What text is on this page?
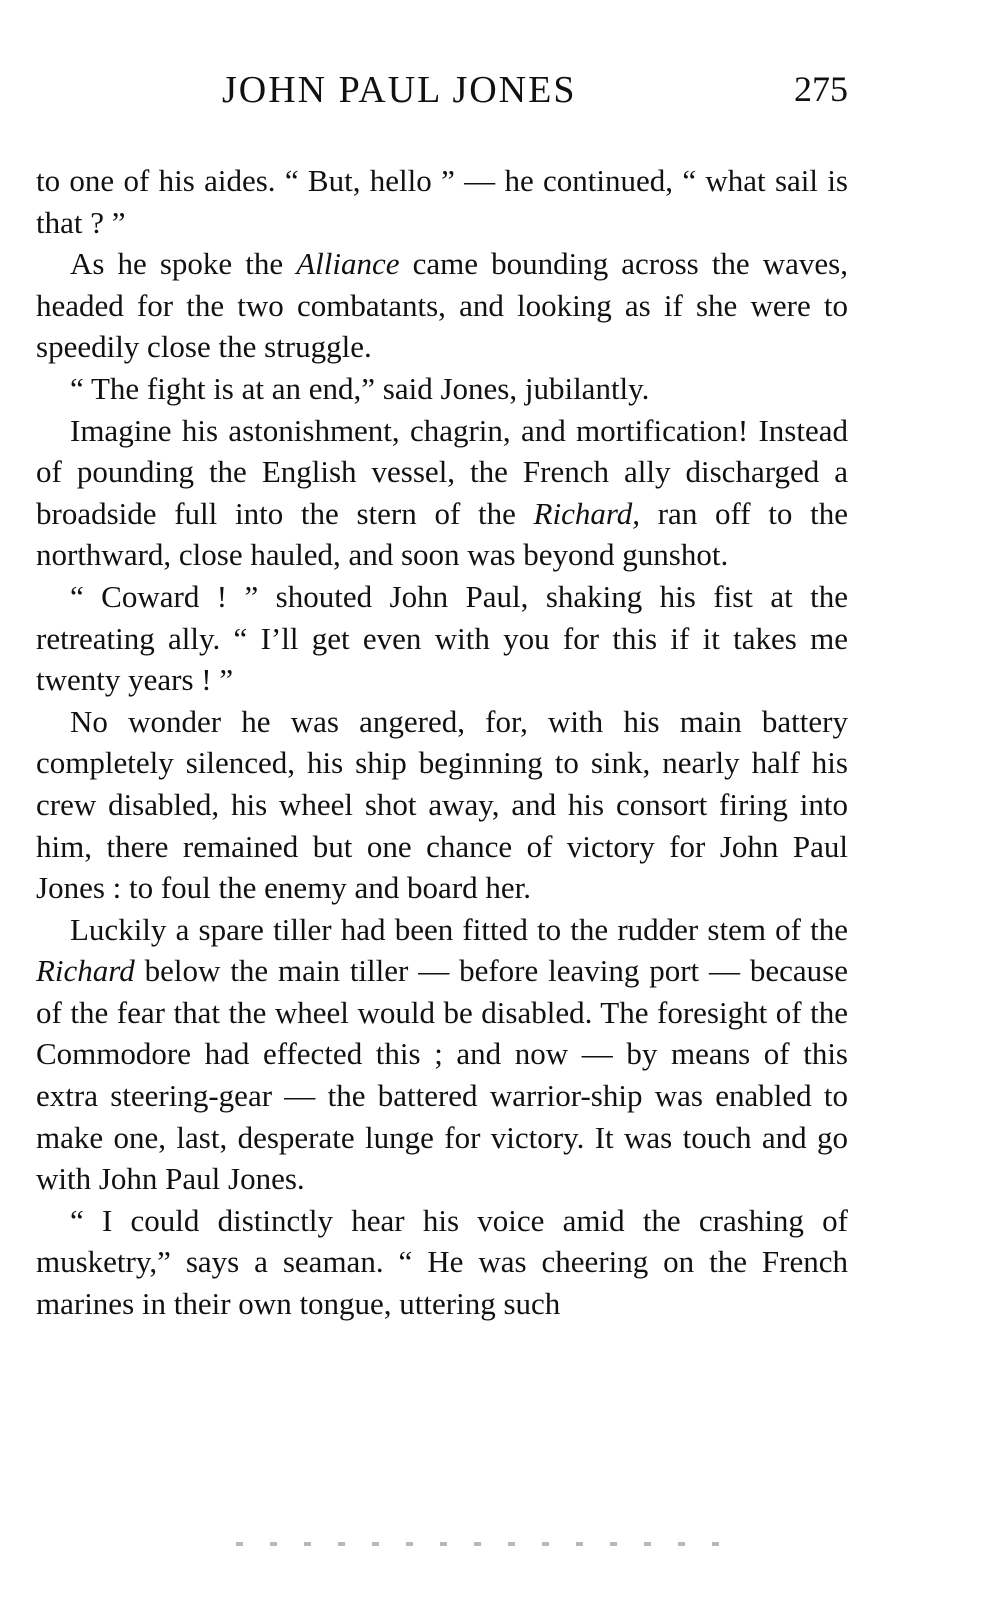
JOHN PAUL JONES	275

to one of his aides. “ But, hello ” — he continued, “ what sail is that ? ”

As he spoke the Alliance came bounding across the waves, headed for the two combatants, and looking as if she were to speedily close the struggle.

“ The fight is at an end,” said Jones, jubilantly.

Imagine his astonishment, chagrin, and mortification! Instead of pounding the English vessel, the French ally discharged a broadside full into the stern of the Richard, ran off to the northward, close hauled, and soon was beyond gunshot.

“ Coward ! ” shouted John Paul, shaking his fist at the retreating ally. “ I’ll get even with you for this if it takes me twenty years ! ”

No wonder he was angered, for, with his main battery completely silenced, his ship beginning to sink, nearly half his crew disabled, his wheel shot away, and his consort firing into him, there remained but one chance of victory for John Paul Jones : to foul the enemy and board her.

Luckily a spare tiller had been fitted to the rudder stem of the Richard below the main tiller — before leaving port — because of the fear that the wheel would be disabled. The foresight of the Commodore had effected this ; and now — by means of this extra steering-gear — the battered warrior-ship was enabled to make one, last, desperate lunge for victory. It was touch and go with John Paul Jones.

“ I could distinctly hear his voice amid the crashing of musketry,” says a seaman. “ He was cheering on the French marines in their own tongue, uttering such
